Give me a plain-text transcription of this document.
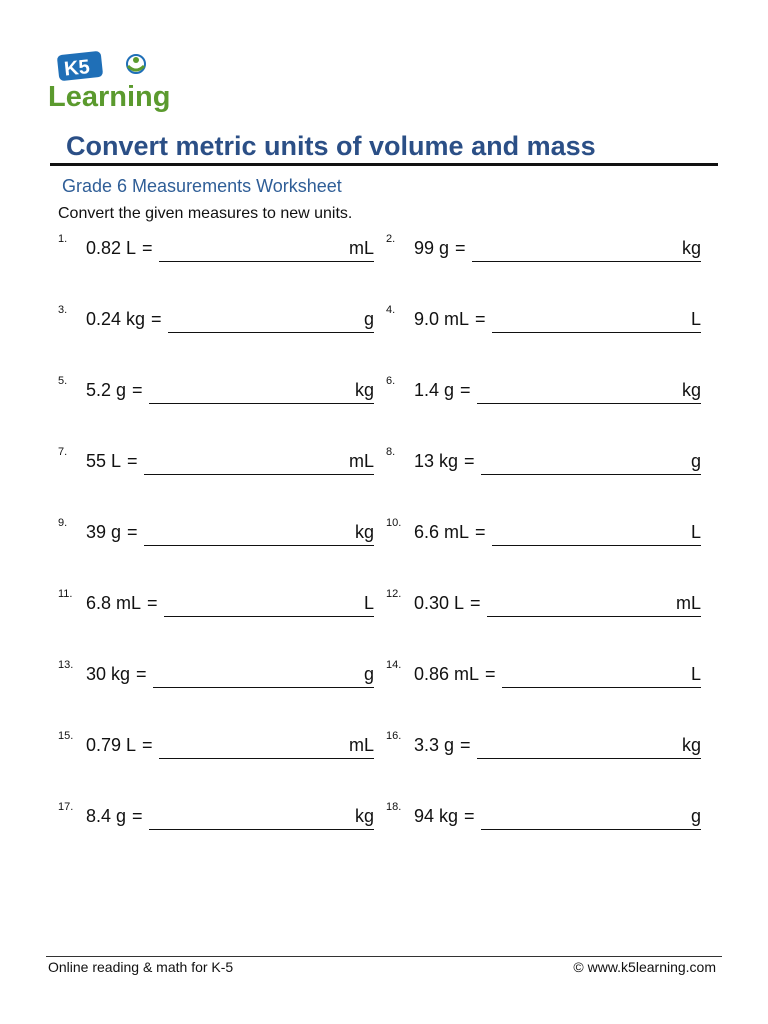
K5
Learning
Convert metric units of volume and mass
Grade 6 Measurements Worksheet
Convert the given measures to new units.
1.	0.82 L =	mL 2.	99 g =	kg
3.	0.24 kg =	g 4.	9.0 mL =	L
5.	5.2 g =	kg 6.	1.4 g =	kg
7.	55 L =	mL 8.	13 kg =	g
9.	39 g =	kg 10. 6.6 mL =	L
11. 6.8 mL =	L 12. 0.30 L =	mL
13. 30 kg =	g 14. 0.86 mL =	L
15. 0.79 L =	mL 16. 3.3 g =	kg
17. 8.4 g =	kg 18. 94 kg =	g
Online reading & math for K-5	© www.k5learning.com
